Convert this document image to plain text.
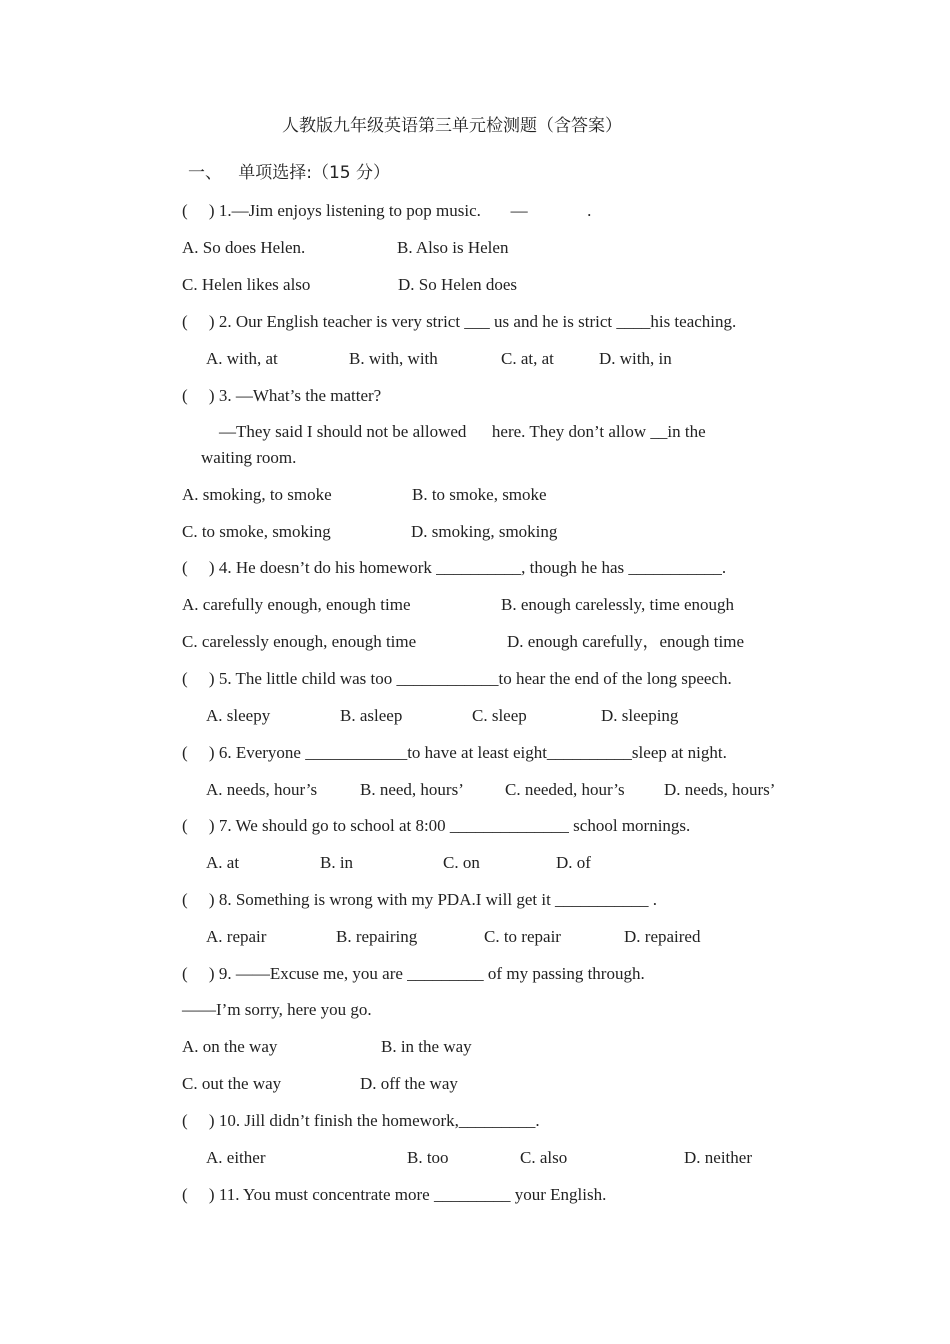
人教版九年级英语第三单元检测题（含答案）
一、   单项选择:（15 分）
(     ) 1.—Jim enjoys listening to pop music.       —              .
A. So does Helen.	B. Also is Helen
C. Helen likes also	D. So Helen does
(     ) 2. Our English teacher is very strict ___ us and he is strict ____his teaching.
A. with, at	B. with, with	C. at, at	D. with, in
(     ) 3. —What’s the matter?
—They said I should not be allowed      here. They don’t allow __in the
waiting room.
A. smoking, to smoke	B. to smoke, smoke
C. to smoke, smoking	D. smoking, smoking
(     ) 4. He doesn’t do his homework __________, though he has ___________.
A. carefully enough, enough time	B. enough carelessly, time enough
C. carelessly enough, enough time	D. enough carefully，enough time
(     ) 5. The little child was too ____________to hear the end of the long speech.
A. sleepy	B. asleep	C. sleep	D. sleeping
(     ) 6. Everyone ____________to have at least eight__________sleep at night.
A. needs, hour’s	B. need, hours’ C. needed, hour’s D. needs, hours’
(     ) 7. We should go to school at 8:00 ______________ school mornings.
A. at	B. in	C. on	D. of
(     ) 8. Something is wrong with my PDA.I will get it ___________ .
A. repair	B. repairing	C. to repair	D. repaired
(     ) 9. ——Excuse me, you are _________ of my passing through.
——I’m sorry, here you go.
A. on the way	B. in the way
C. out the way	D. off the way
(     ) 10. Jill didn’t finish the homework,_________.
A. either	B. too	C. also	D. neither
(     ) 11. You must concentrate more _________ your English.
